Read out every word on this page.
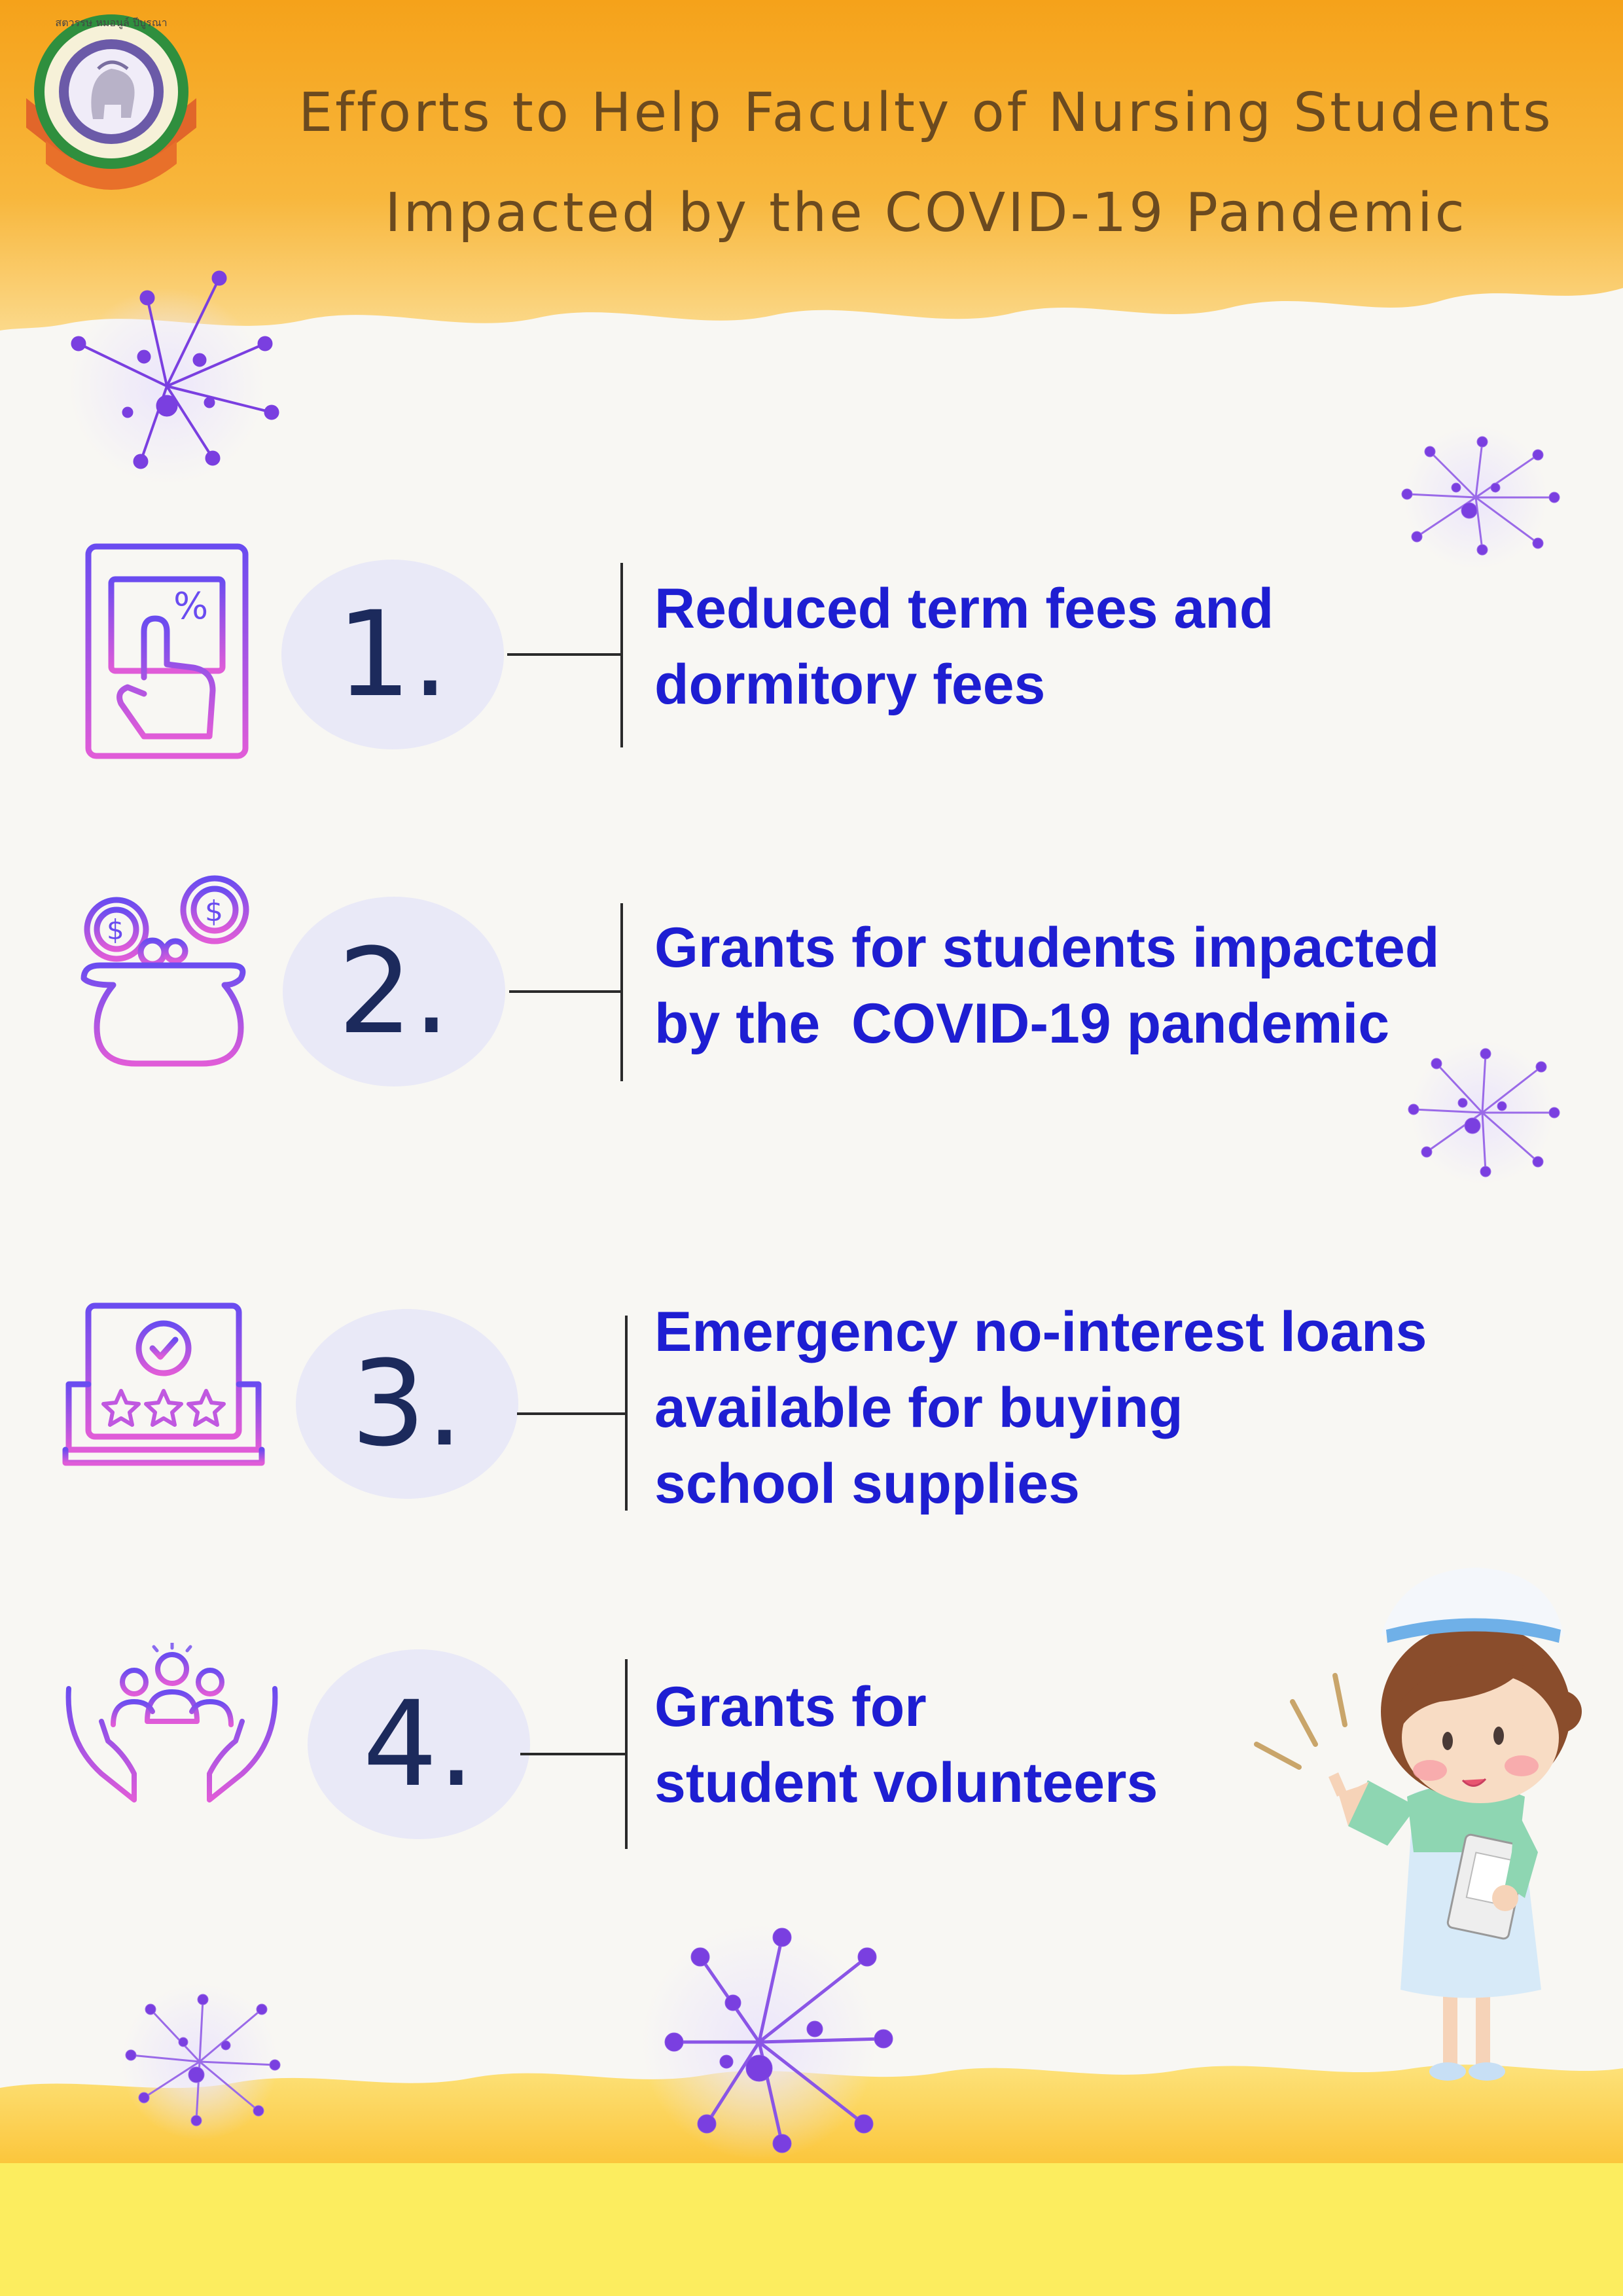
สตวรรษ หมอนูล์ ปีบูรณา
Efforts to Help Faculty of Nursing Students
Impacted by the COVID-19 Pandemic
%	1.	Reduced term fees and
dormitory fees
$
$
2.	Grants for students impacted
by the  COVID-19 pandemic
3.
Emergency no-interest loans
available for buying
school supplies
4.	Grants for
student volunteers
